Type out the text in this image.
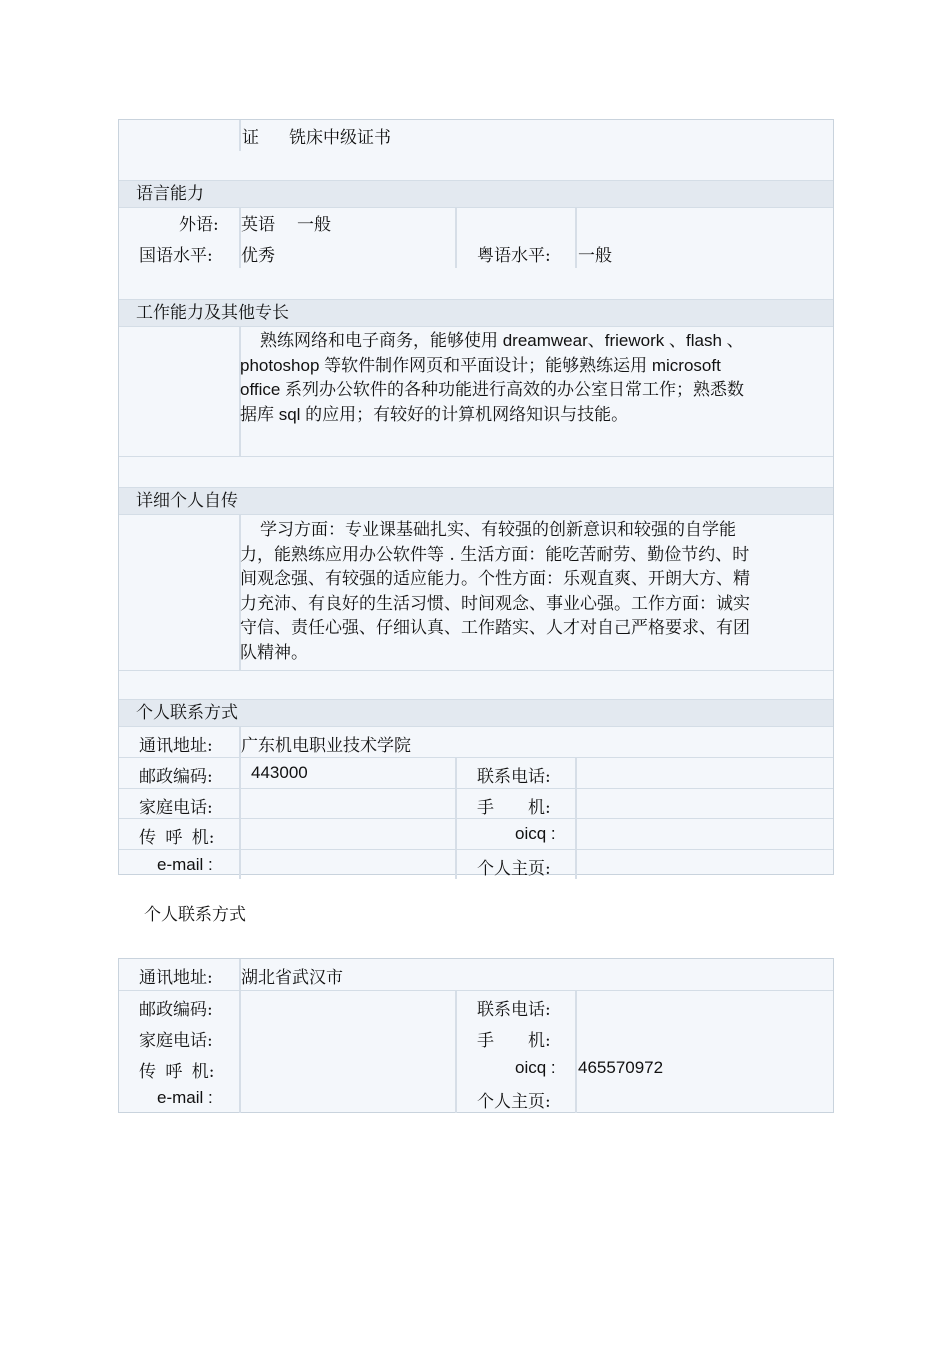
证 铣床中级证书
语言能力
外语: 英语 一般
国语水平: 优秀	粤语水平: 一般
工作能力及其他专长
熟练网络和电子商务，能够使用 dreamwear、friework 、flash 、
photoshop 等软件制作网页和平面设计；能够熟练运用 microsoft
office 系列办公软件的各种功能进行高效的办公室日常工作；熟悉数
据库 sql 的应用；有较好的计算机网络知识与技能。
详细个人自传
学习方面：专业课基础扎实、有较强的创新意识和较强的自学能
力，能熟练应用办公软件等 . 生活方面：能吃苦耐劳、勤俭节约、时
间观念强、有较强的适应能力。个性方面：乐观直爽、开朗大方、精
力充沛、有良好的生活习惯、时间观念、事业心强。工作方面：诚实
守信、责任心强、仔细认真、工作踏实、人才对自己严格要求、有团
队精神。
个人联系方式
通讯地址: 广东机电职业技术学院
邮政编码: 443000	联系电话:
家庭电话:	手　　机:
传 呼 机:	oicq :
e-mail :	个人主页:
个人联系方式
通讯地址: 湖北省武汉市
邮政编码:	联系电话:
家庭电话:	手　　机:
传 呼 机:	oicq : 465570972
e-mail :	个人主页:
